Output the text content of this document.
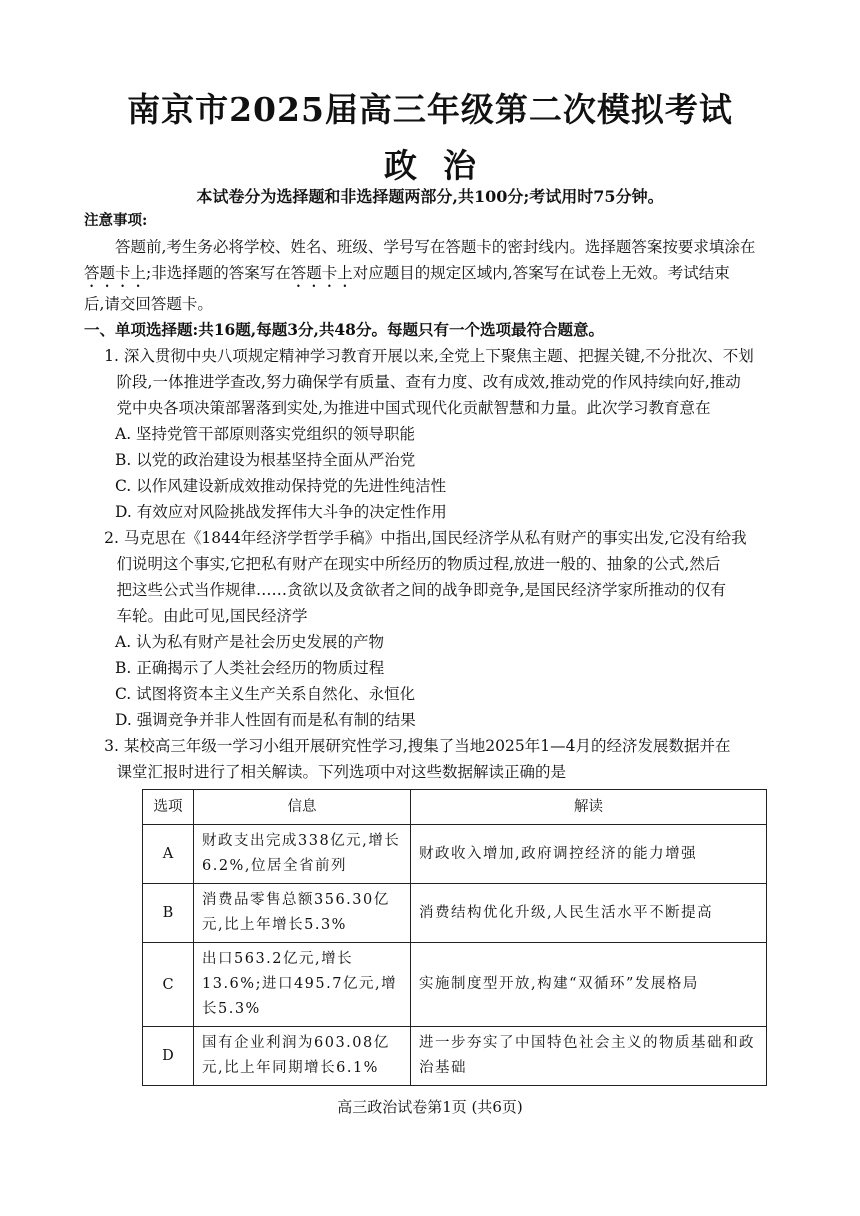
南京市2025届高三年级第二次模拟考试
政治
本试卷分为选择题和非选择题两部分,共100分;考试用时75分钟。
注意事项:
答题前,考生务必将学校、姓名、班级、学号写在答题卡的密封线内。选择题答案按要求填涂在
答题卡上;非选择题的答案写在答题卡上对应题目的规定区域内,答案写在试卷上无效。考试结束
后,请交回答题卡。
一、单项选择题:共16题,每题3分,共48分。每题只有一个选项最符合题意。
1. 深入贯彻中央八项规定精神学习教育开展以来,全党上下聚焦主题、把握关键,不分批次、不划
阶段,一体推进学查改,努力确保学有质量、查有力度、改有成效,推动党的作风持续向好,推动
党中央各项决策部署落到实处,为推进中国式现代化贡献智慧和力量。此次学习教育意在
A. 坚持党管干部原则落实党组织的领导职能
B. 以党的政治建设为根基坚持全面从严治党
C. 以作风建设新成效推动保持党的先进性纯洁性
D. 有效应对风险挑战发挥伟大斗争的决定性作用
2. 马克思在《1844年经济学哲学手稿》中指出,国民经济学从私有财产的事实出发,它没有给我
们说明这个事实,它把私有财产在现实中所经历的物质过程,放进一般的、抽象的公式,然后
把这些公式当作规律……贪欲以及贪欲者之间的战争即竞争,是国民经济学家所推动的仅有
车轮。由此可见,国民经济学
A. 认为私有财产是社会历史发展的产物
B. 正确揭示了人类社会经历的物质过程
C. 试图将资本主义生产关系自然化、永恒化
D. 强调竞争并非人性固有而是私有制的结果
3. 某校高三年级一学习小组开展研究性学习,搜集了当地2025年1—4月的经济发展数据并在
课堂汇报时进行了相关解读。下列选项中对这些数据解读正确的是
选项	信息	解读
A	财政支出完成338亿元,增长6.2%,位居全省前列	财政收入增加,政府调控经济的能力增强
B	消费品零售总额356.30亿元,比上年增长5.3%	消费结构优化升级,人民生活水平不断提高
C	出口563.2亿元,增长13.6%;进口495.7亿元,增长5.3%	实施制度型开放,构建“双循环”发展格局
D	国有企业利润为603.08亿元,比上年同期增长6.1%	进一步夯实了中国特色社会主义的物质基础和政治基础
高三政治试卷第1页 (共6页)
